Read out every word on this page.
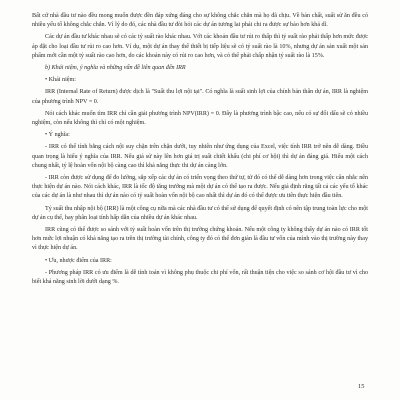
Bất cứ nhà đầu tư nào đều mong muốn được đền đáp xứng đáng cho sự không chắc chắn mà họ đã chịu. Về bản chất, suất sử ăn đều có nhiều yếu tố không chắc chắn. Vì lý do đó, các nhà đầu tư đòi hỏi các dự án tương lai phải chi ra được sự bảo hơn khả dĩ.

Các dự án đầu tư khác nhau sẽ có các tỷ suất rào khác nhau. Với các khoản đầu tư rủi ro thấp thì tỷ suất rào phải thấp hơn mức được áp đặt cho loại đầu tư rủi ro cao hơn. Ví dụ, một dự án thay thế thiết bị tiếp liệu sẽ có tỷ suất rào là 10%, nhưng dự án sản xuất một sản phẩm mới cần một tỷ suất rào cao hơn, do các khoản này có rủi ro cao hơn, và có thể phải chấp nhận tỷ suất rào là 15%.

b) Khái niệm, ý nghĩa và những vấn đề liên quan đến IRR

• Khái niệm:

IRR (Internal Rate of Return) được dịch là "Suất thu lợi nội tại". Có nghĩa là suất sinh lợi của chính bản thân dự án, IRR là nghiệm của phương trình NPV = 0.

Nói cách khác muốn tìm IRR chỉ cần giải phương trình NPV(IRR) = 0. Đây là phương trình bậc cao, nếu có sự đổi dấu sẽ có nhiều nghiệm, còn nếu không thì chỉ có một nghiệm.

• Ý nghĩa:

- IRR có thể tính bằng cách nội suy chặn trên chặn dưới, tuy nhiên như ứng dụng của Excel, việc tính IRR trở nên dễ dàng. Điều quan trọng là hiểu ý nghĩa của IRR. Nếu giả sử này lên hơn giá trị suất chiết khấu (chi phí cơ hội) thì dự án đáng giá. Hiểu một cách chung nhất, tỷ lệ hoàn vốn nội bộ càng cao thì khả năng thực thi dự án càng lớn.

- IRR còn được sử dụng để đo lường, sắp xếp các dự án có triển vọng theo thứ tự, từ đó có thể dễ dàng hơn trong việc cân nhắc nên thực hiện dự án nào. Nói cách khác, IRR là tốc độ tăng trưởng mà một dự án có thể tạo ra được. Nếu giả định rằng tất cả các yếu tố khác của các dự án là như nhau thì dự án nào có tỷ suất hoàn vốn nội bộ cao nhất thì dự án đó có thể được ưu tiên thực hiện đầu tiên.

Tỷ suất thu nhập nội bộ (IRR) là một công cụ nữa mà các nhà đầu tư có thể sử dụng để quyết định có nên tập trung toàn lực cho một dự án cụ thể, hay phân loại tính hấp dẫn của nhiều dự án khác nhau.

IRR cũng có thể được so sánh với tỷ suất hoàn vốn trên thị trường chứng khoán. Nếu một công ty không thấy dự án nào có IRR tốt hơn mức lợi nhuận có khả năng tạo ra trên thị trường tài chính, công ty đó có thể đơn giản là đầu tư vốn của mình vào thị trường này thay vì thực hiện dự án.

• Ưu, nhược điểm của IRR:

- Phương pháp IRR có ưu điểm là dễ tính toán vì không phụ thuộc chi phí vốn, rất thuận tiện cho việc so sánh cơ hội đầu tư vì cho biết khả năng sinh lời dưới dạng %.

15
